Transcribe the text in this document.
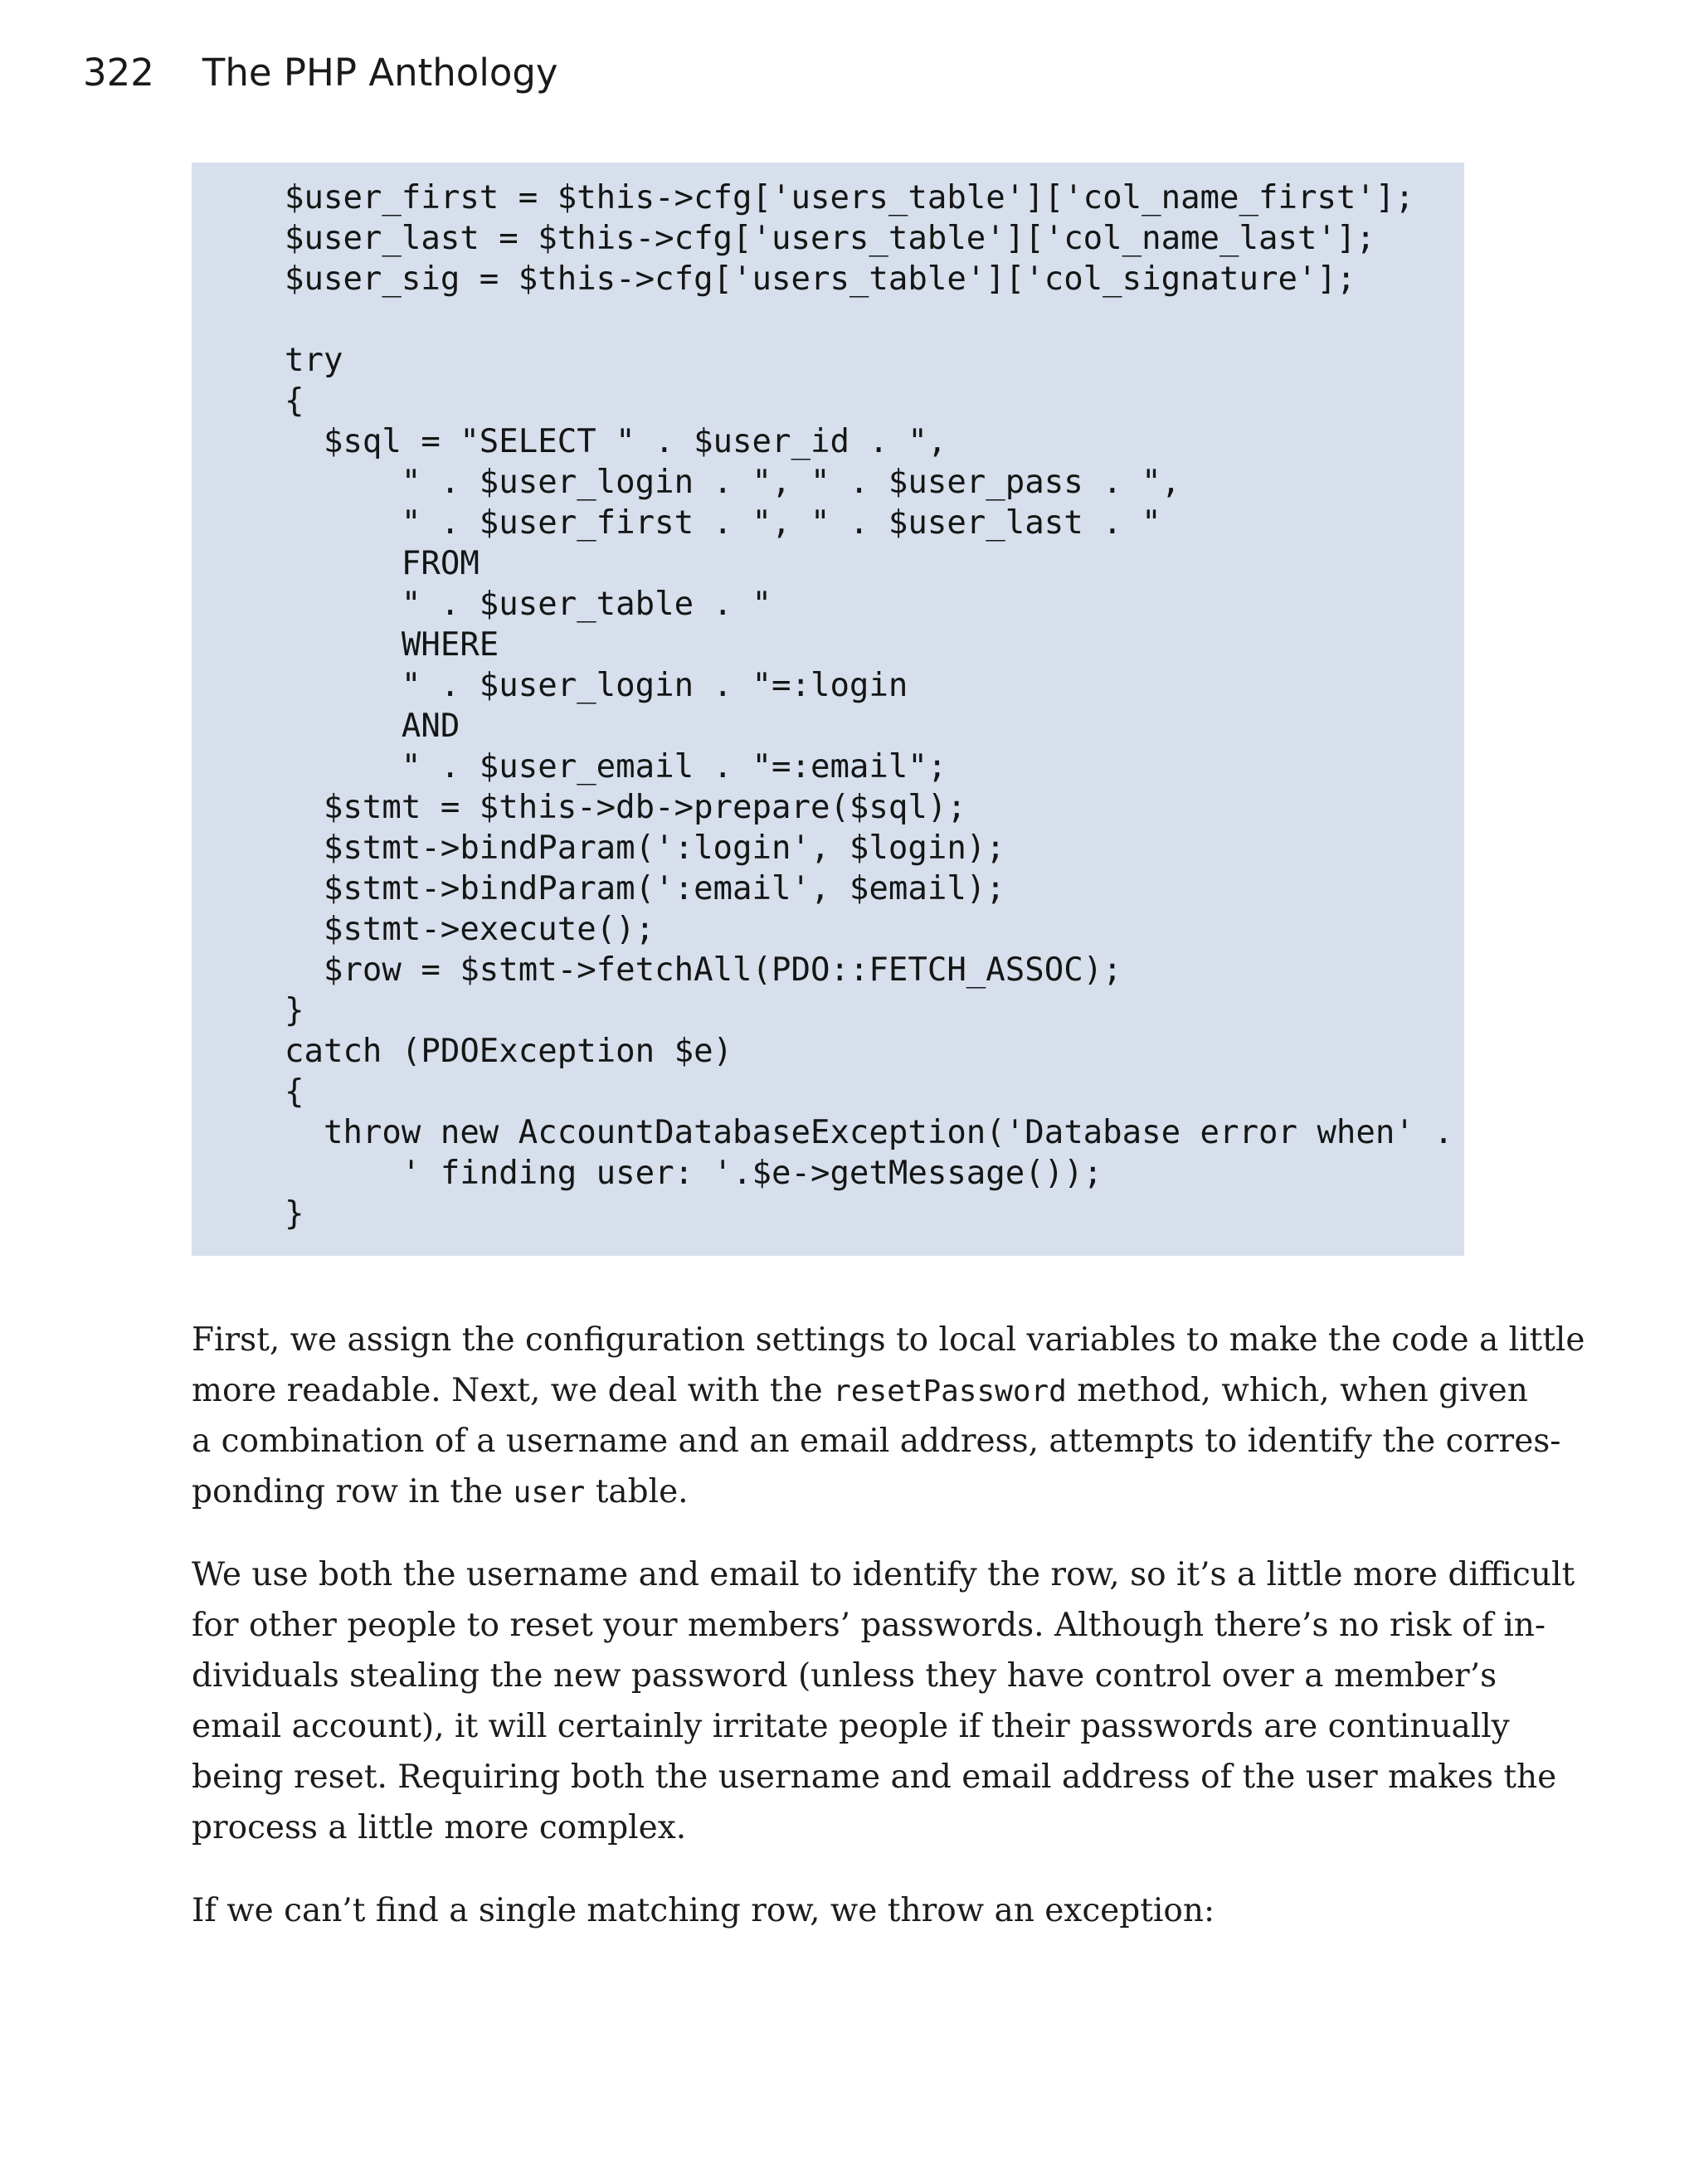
322 The PHP Anthology
$user_first = $this->cfg['users_table']['col_name_first'];
$user_last = $this->cfg['users_table']['col_name_last'];
$user_sig = $this->cfg['users_table']['col_signature'];
try
{
$sql = "SELECT " . $user_id . ",
" . $user_login . ", " . $user_pass . ",
" . $user_first . ", " . $user_last . "
FROM
" . $user_table . "
WHERE
" . $user_login . "=:login
AND
" . $user_email . "=:email";
$stmt = $this->db->prepare($sql);
$stmt->bindParam(':login', $login);
$stmt->bindParam(':email', $email);
$stmt->execute();
$row = $stmt->fetchAll(PDO::FETCH_ASSOC);
}
catch (PDOException $e)
{
throw new AccountDatabaseException('Database error when' .
' finding user: '.$e->getMessage());
}
First, we assign the configuration settings to local variables to make the code a little
more readable. Next, we deal with the resetPassword method, which, when given
a combination of a username and an email address, attempts to identify the corres-
ponding row in the user table.
We use both the username and email to identify the row, so it’s a little more difficult
for other people to reset your members’ passwords. Although there’s no risk of in-
dividuals stealing the new password (unless they have control over a member’s
email account), it will certainly irritate people if their passwords are continually
being reset. Requiring both the username and email address of the user makes the
process a little more complex.
If we can’t find a single matching row, we throw an exception:
